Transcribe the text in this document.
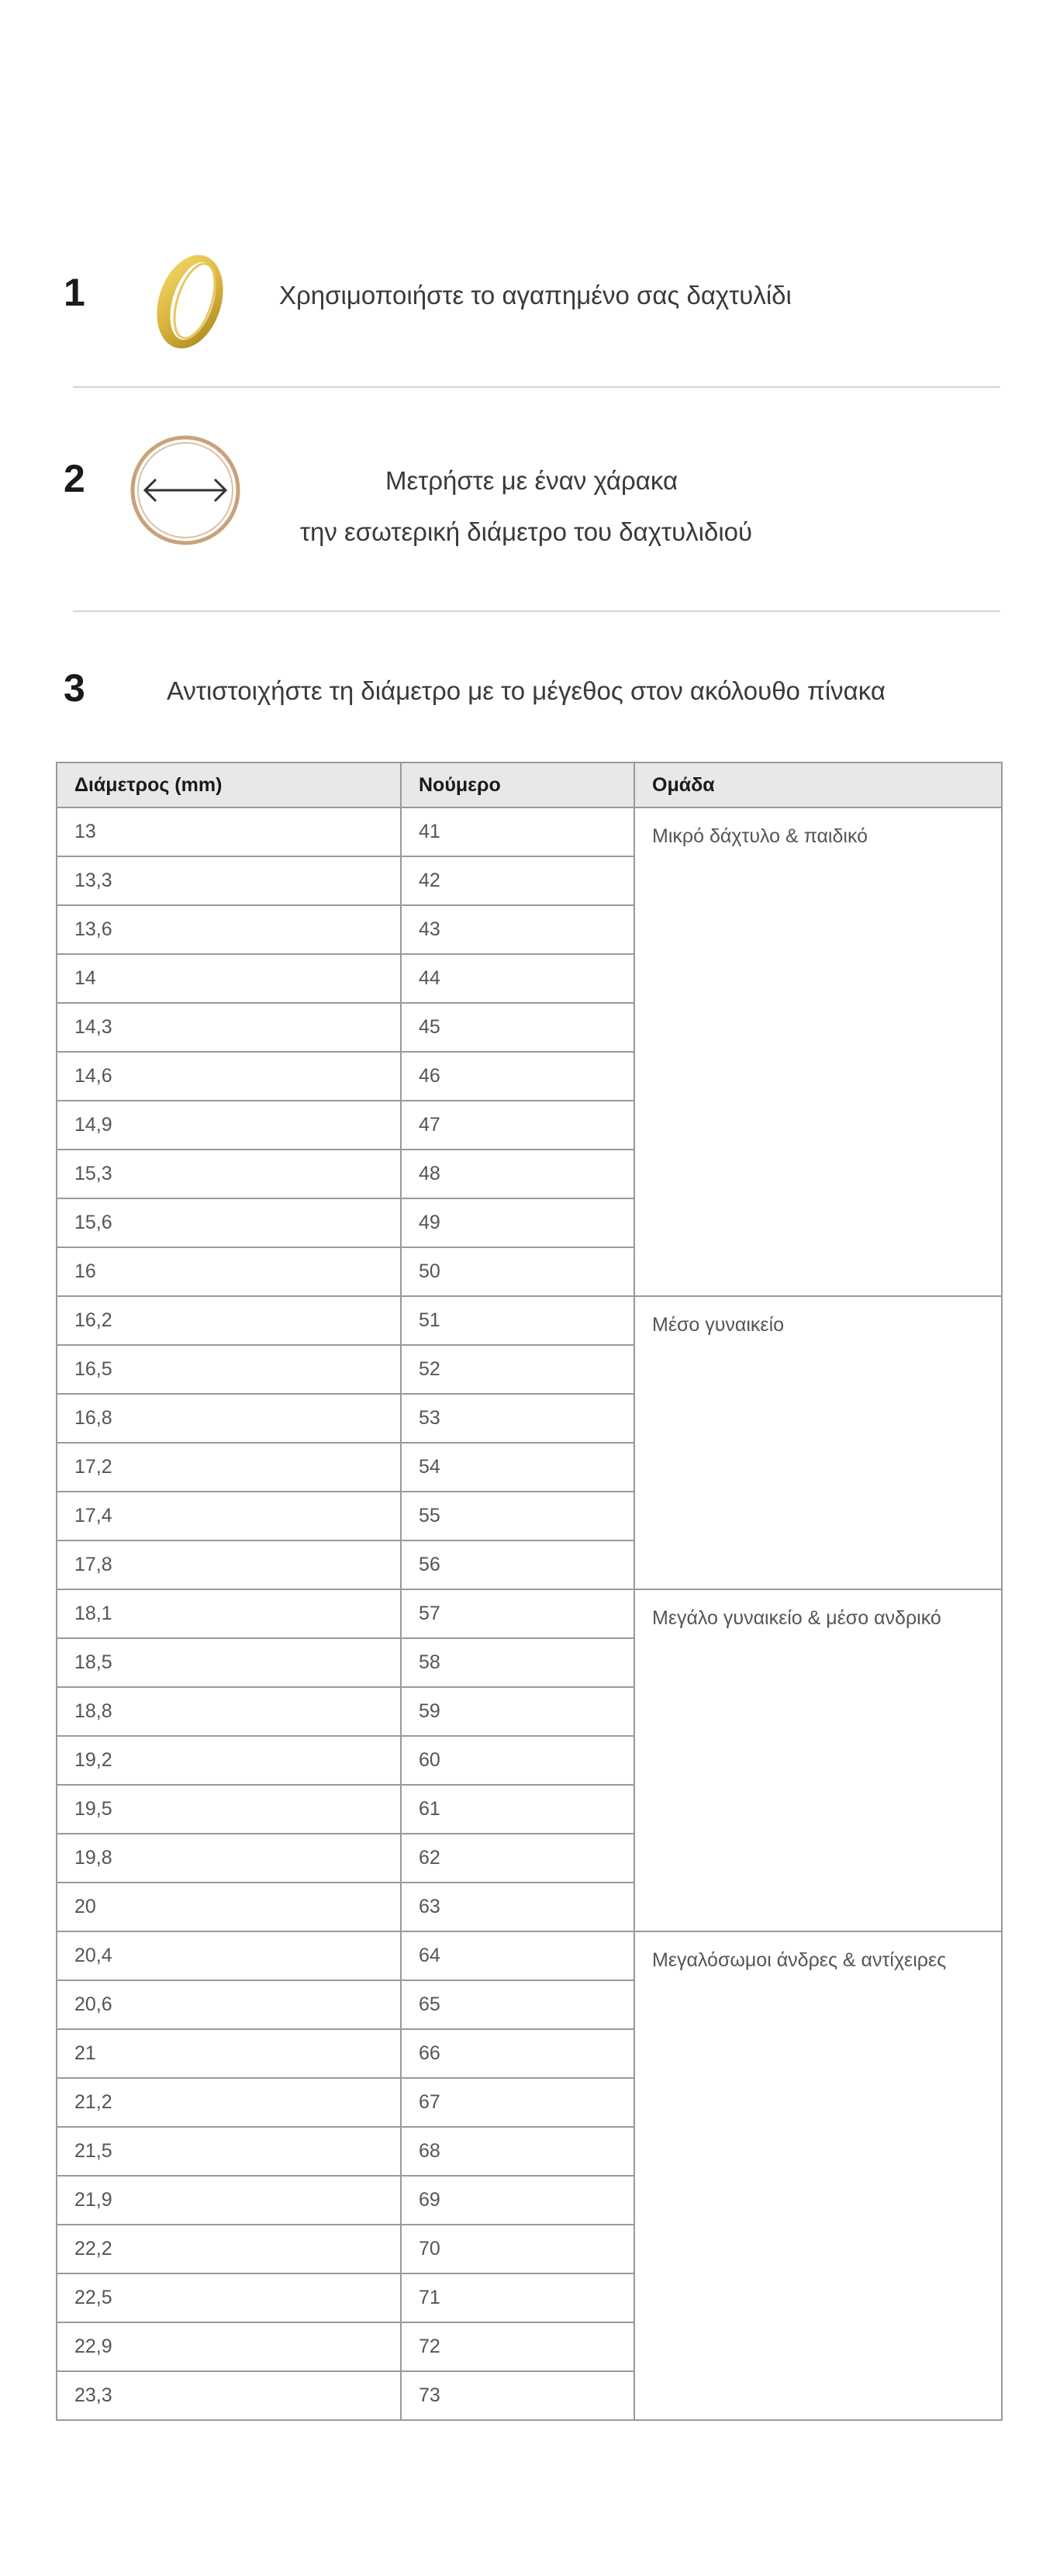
1	Χρησιμοποιήστε το αγαπημένο σας δαχτυλίδι
2	Μετρήστε με έναν χάρακα
την εσωτερική διάμετρο του δαχτυλιδιού
3	Αντιστοιχήστε τη διάμετρο με το μέγεθος στον ακόλουθο πίνακα
Διάμετρος (mm)	Νούμερο	Ομάδα
13	41	Μικρό δάχτυλο & παιδικό
13,3	42	
13,6	43	
14	44	
14,3	45	
14,6	46	
14,9	47	
15,3	48	
15,6	49	
16	50	
16,2	51	Μέσο γυναικείο
16,5	52	
16,8	53	
17,2	54	
17,4	55	
17,8	56	
18,1	57	Μεγάλο γυναικείο & μέσο ανδρικό
18,5	58	
18,8	59	
19,2	60	
19,5	61	
19,8	62	
20	63	
20,4	64	Μεγαλόσωμοι άνδρες & αντίχειρες
20,6	65	
21	66	
21,2	67	
21,5	68	
21,9	69	
22,2	70	
22,5	71	
22,9	72	
23,3	73	
